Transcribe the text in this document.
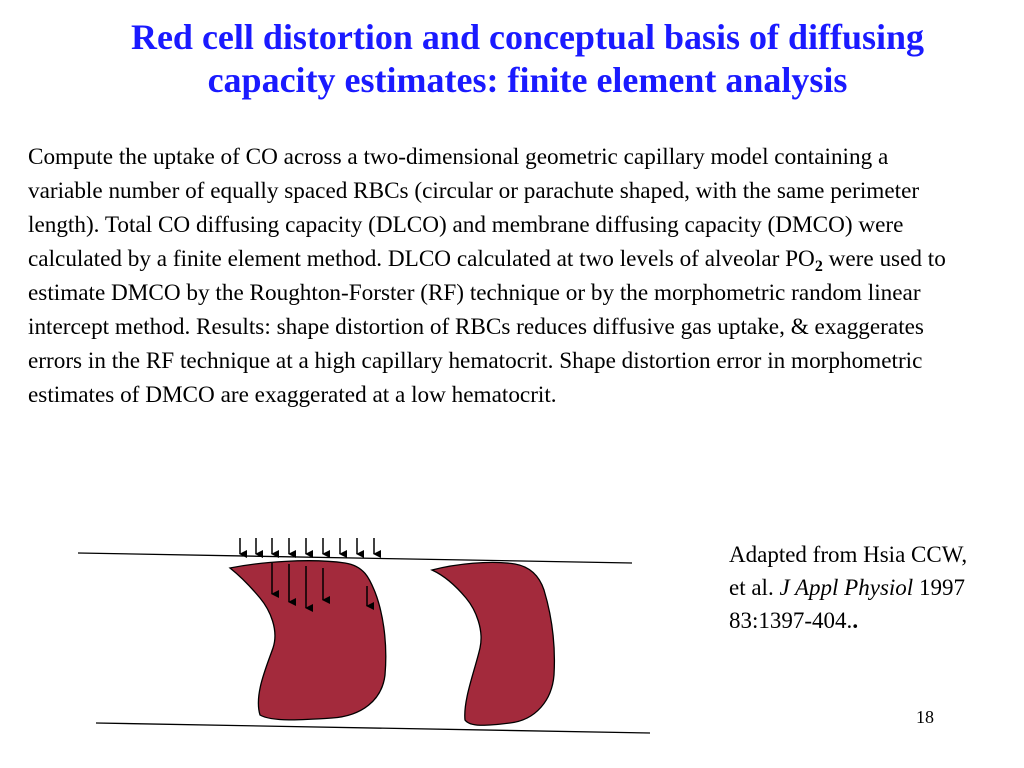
Red cell distortion and conceptual basis of diffusing
capacity estimates: finite element analysis
Compute the uptake of CO across a two-dimensional geometric capillary model containing a variable number of equally spaced RBCs (circular or parachute shaped, with the same perimeter length). Total CO diffusing capacity (DLCO) and membrane diffusing capacity (DMCO) were calculated by a finite element method. DLCO calculated at two levels of alveolar $PO_2$ were used to estimate DMCO by the Roughton-Forster (RF) technique or by the morphometric random linear intercept method. Results: shape distortion of RBCs reduces diffusive gas uptake, & exaggerates errors in the RF technique at a high capillary hematocrit. Shape distortion error in morphometric estimates of DMCO are exaggerated at a low hematocrit.
Adapted from Hsia CCW, et al. J Appl Physiol 1997 83:1397-404..
18
